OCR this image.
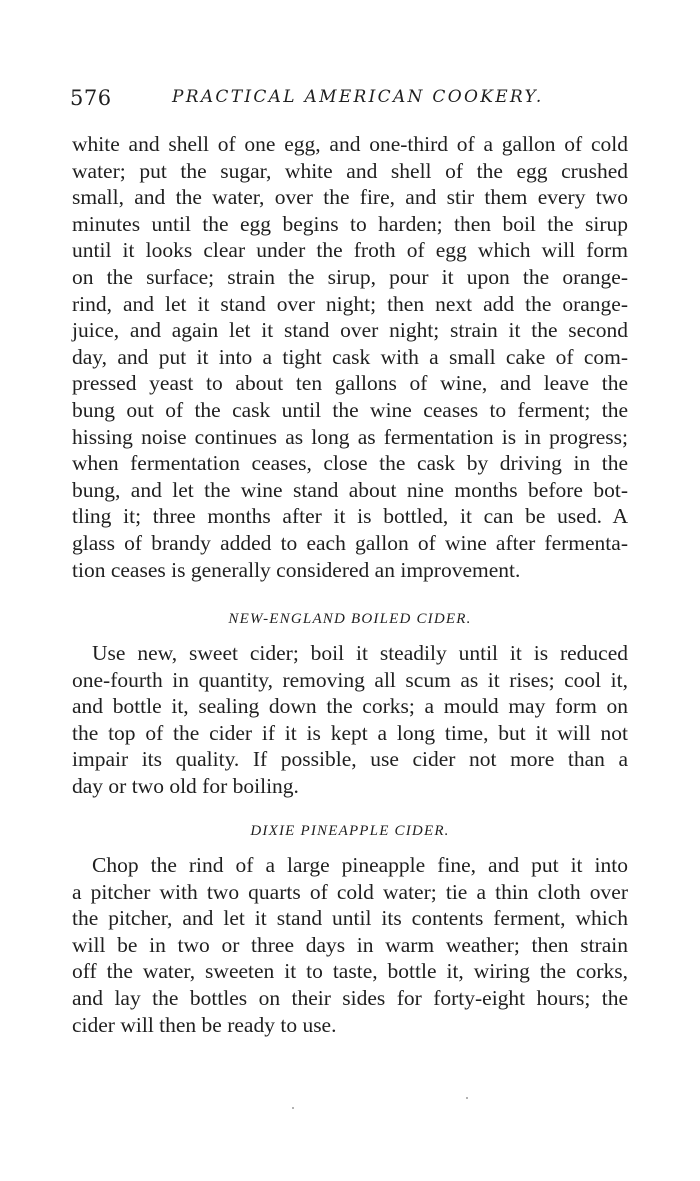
576	PRACTICAL AMERICAN COOKERY.
white and shell of one egg, and one-third of a gallon of cold
water; put the sugar, white and shell of the egg crushed
small, and the water, over the fire, and stir them every two
minutes until the egg begins to harden; then boil the sirup
until it looks clear under the froth of egg which will form
on the surface; strain the sirup, pour it upon the orange-
rind, and let it stand over night; then next add the orange-
juice, and again let it stand over night; strain it the second
day, and put it into a tight cask with a small cake of com-
pressed yeast to about ten gallons of wine, and leave the
bung out of the cask until the wine ceases to ferment; the
hissing noise continues as long as fermentation is in progress;
when fermentation ceases, close the cask by driving in the
bung, and let the wine stand about nine months before bot-
tling it; three months after it is bottled, it can be used. A
glass of brandy added to each gallon of wine after fermenta-
tion ceases is generally considered an improvement.
NEW-ENGLAND BOILED CIDER.
Use new, sweet cider; boil it steadily until it is reduced
one-fourth in quantity, removing all scum as it rises; cool it,
and bottle it, sealing down the corks; a mould may form on
the top of the cider if it is kept a long time, but it will not
impair its quality. If possible, use cider not more than a
day or two old for boiling.
DIXIE PINEAPPLE CIDER.
Chop the rind of a large pineapple fine, and put it into
a pitcher with two quarts of cold water; tie a thin cloth over
the pitcher, and let it stand until its contents ferment, which
will be in two or three days in warm weather; then strain
off the water, sweeten it to taste, bottle it, wiring the corks,
and lay the bottles on their sides for forty-eight hours; the
cider will then be ready to use.
